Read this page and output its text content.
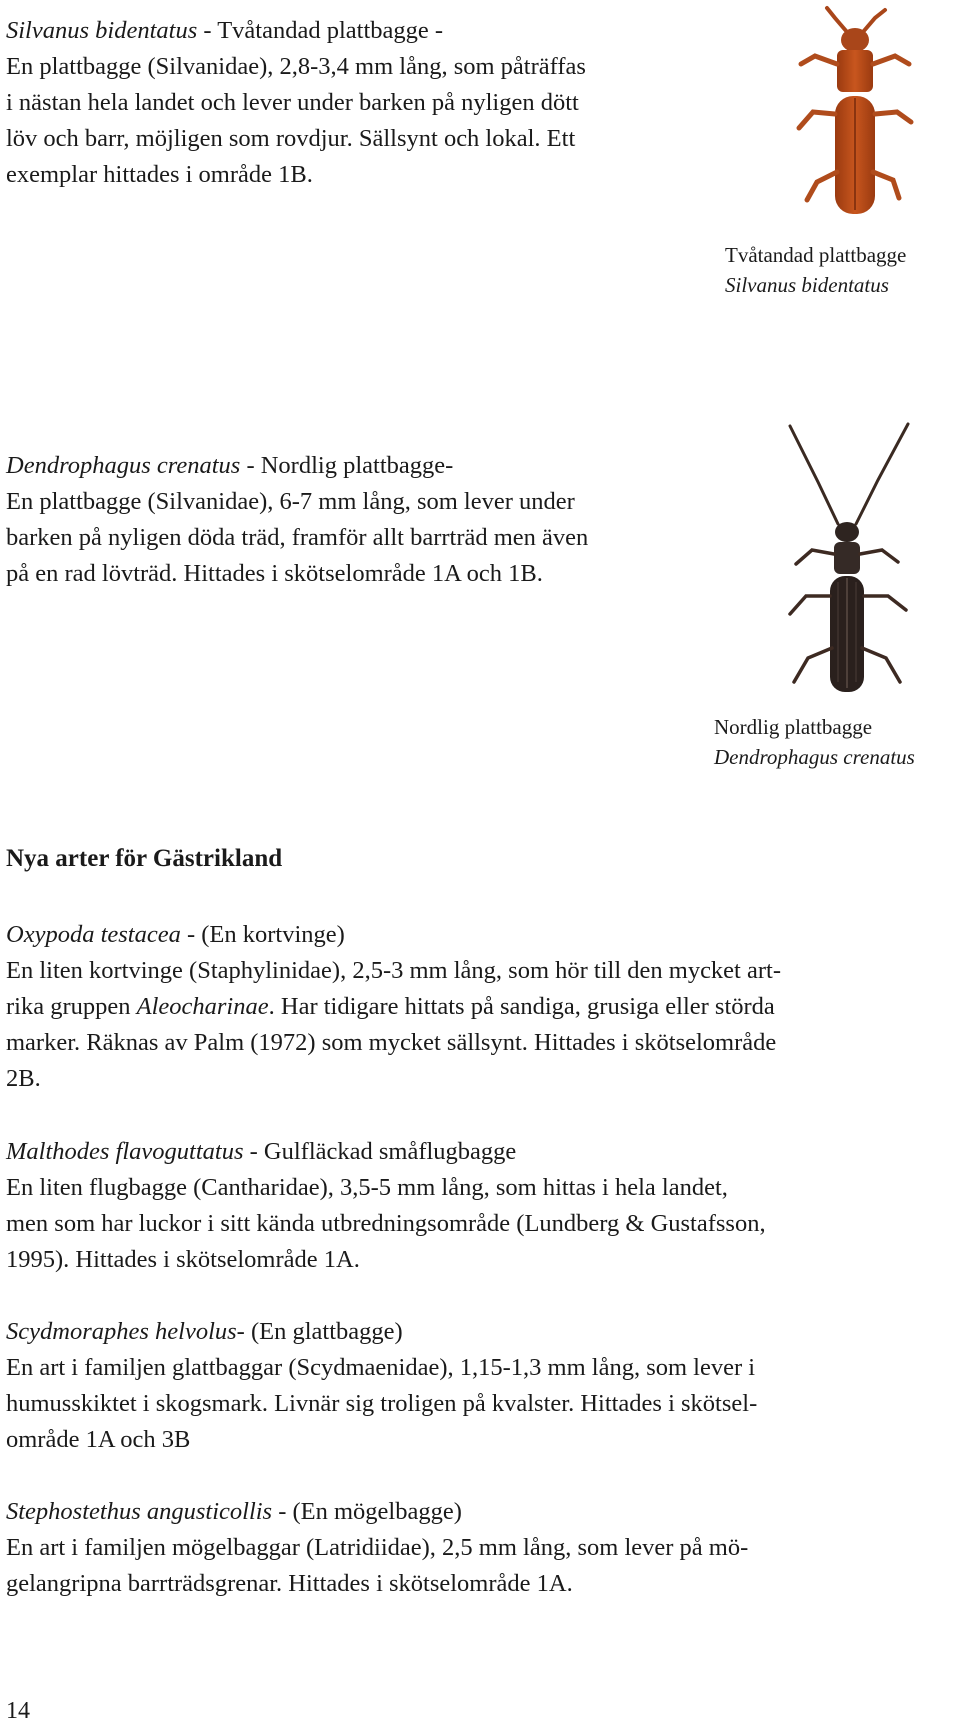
Silvanus bidentatus - Tvåtandad plattbagge -

En plattbagge (Silvanidae), 2,8-3,4 mm lång, som påträffas

i nästan hela landet och lever under barken på nyligen dött

löv och barr, möjligen som rovdjur. Sällsynt och lokal. Ett

exemplar hittades i område 1B.

Tvåtandad plattbagge
Silvanus bidentatus

Dendrophagus crenatus - Nordlig plattbagge-

En plattbagge (Silvanidae), 6-7 mm lång, som lever under

barken på nyligen döda träd, framför allt barrträd men även

på en rad lövträd. Hittades i skötselområde 1A och 1B.

Nordlig plattbagge
Dendrophagus crenatus
Nya arter för Gästrikland

Oxypoda testacea - (En kortvinge)

En liten kortvinge (Staphylinidae), 2,5-3 mm lång, som hör till den mycket art-

rika gruppen Aleocharinae. Har tidigare hittats på sandiga, grusiga eller störda

marker. Räknas av Palm (1972) som mycket sällsynt. Hittades i skötselområde

2B.

Malthodes flavoguttatus - Gulfläckad småflugbagge

En liten flugbagge (Cantharidae), 3,5-5 mm lång, som hittas i hela landet,

men som har luckor i sitt kända utbredningsområde (Lundberg & Gustafsson,

1995). Hittades i skötselområde 1A.

Scydmoraphes helvolus- (En glattbagge)

En art i familjen glattbaggar (Scydmaenidae), 1,15-1,3 mm lång, som lever i

humusskiktet i skogsmark. Livnär sig troligen på kvalster. Hittades i skötsel-

område 1A och 3B

Stephostethus angusticollis - (En mögelbagge)

En art i familjen mögelbaggar (Latridiidae), 2,5 mm lång, som lever på mö-

gelangripna barrträdsgrenar. Hittades i skötselområde 1A.

14
